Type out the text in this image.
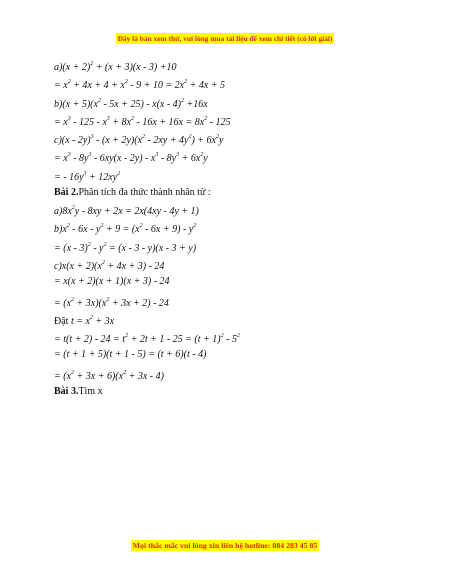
Đây là bản xem thử, vui lòng mua tài liệu để xem chi tiết (có lời giải)
$a)(x + 2)^2 + (x + 3)(x - 3) +10$
= $x^2 + 4x + 4 + x^2 - 9 + 10 = 2x^2 + 4x + 5$
$b)(x + 5)(x^2 - 5x + 25) - x(x - 4)^2 +16x$
= $x^3 - 125 - x^3 + 8x^2 - 16x + 16x = 8x^2 - 125$
$c)(x - 2y)^3 - (x + 2y)(x^2 - 2xy + 4y^2) + 6x^2y$
= $x^3 - 8y^3 - 6xy(x - 2y) - x^3 - 8y^3 + 6x^2y$
= - $16y^3 + 12xy^2$
Bài 2.Phân tích đa thức thành nhân tử :
$a)8x^2y - 8xy + 2x = 2x(4xy - 4y + 1)$
$b)x^2 - 6x - y^2 + 9 = (x^2 - 6x + 9) - y^2$
= $(x - 3)^2 - y^2 = (x - 3 - y)(x - 3 + y)$
$c)x(x + 2)(x^2 + 4x + 3) - 24$
= x(x + 2)(x + 1)(x + 3) - 24
= $(x^2 + 3x)(x^2 + 3x + 2) - 24$
Đặt $t = x^2 + 3x$
= $t(t + 2) - 24 = t^2 + 2t + 1 - 25 = (t + 1)^2 - 5^2$
= (t + 1 + 5)(t + 1 - 5) = (t + 6)(t - 4)
= $(x^2 + 3x + 6)(x^2 + 3x - 4)$
Bài 3.Tìm x
Mọi thắc mắc vui lòng xin liên hệ hotline: 084 283 45 85
